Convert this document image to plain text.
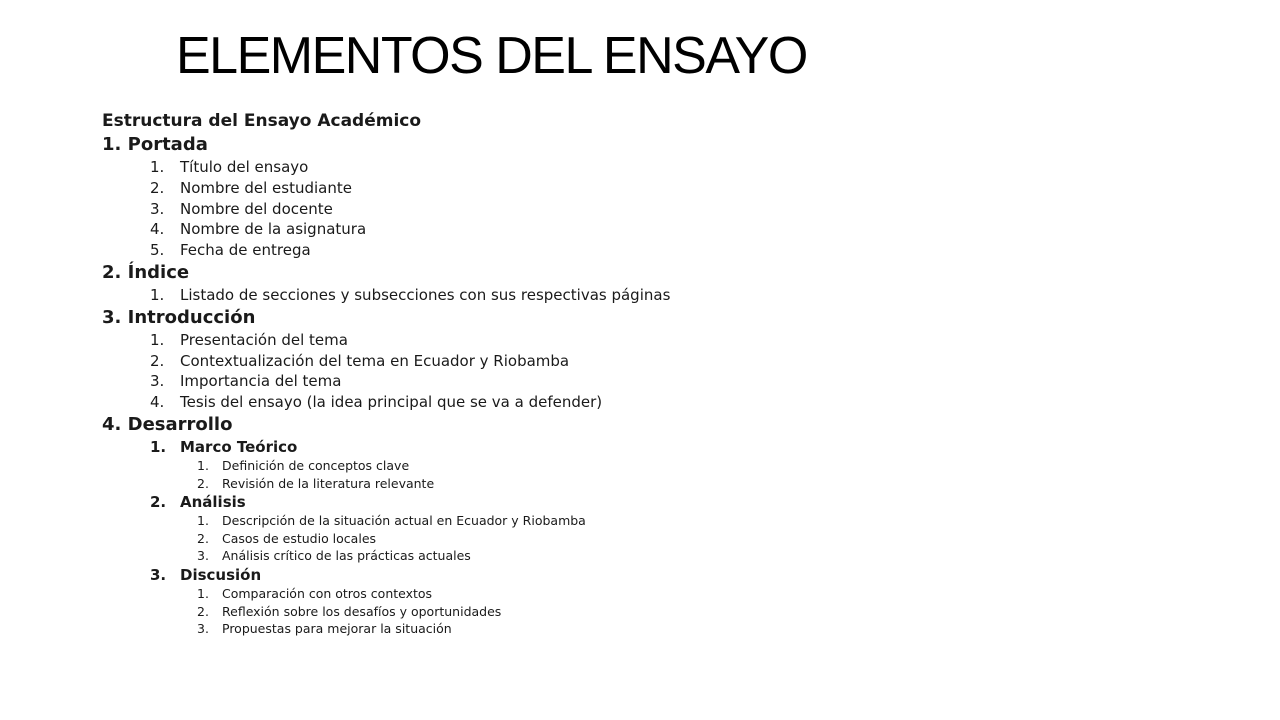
ELEMENTOS DEL ENSAYO
Estructura del Ensayo Académico
1. Portada
1. Título del ensayo
2. Nombre del estudiante
3. Nombre del docente
4. Nombre de la asignatura
5. Fecha de entrega
2. Índice
1. Listado de secciones y subsecciones con sus respectivas páginas
3. Introducción
1. Presentación del tema
2. Contextualización del tema en Ecuador y Riobamba
3. Importancia del tema
4. Tesis del ensayo (la idea principal que se va a defender)
4. Desarrollo
1. Marco Teórico
1. Definición de conceptos clave
2. Revisión de la literatura relevante
2. Análisis
1. Descripción de la situación actual en Ecuador y Riobamba
2. Casos de estudio locales
3. Análisis crítico de las prácticas actuales
3. Discusión
1. Comparación con otros contextos
2. Reflexión sobre los desafíos y oportunidades
3. Propuestas para mejorar la situación
